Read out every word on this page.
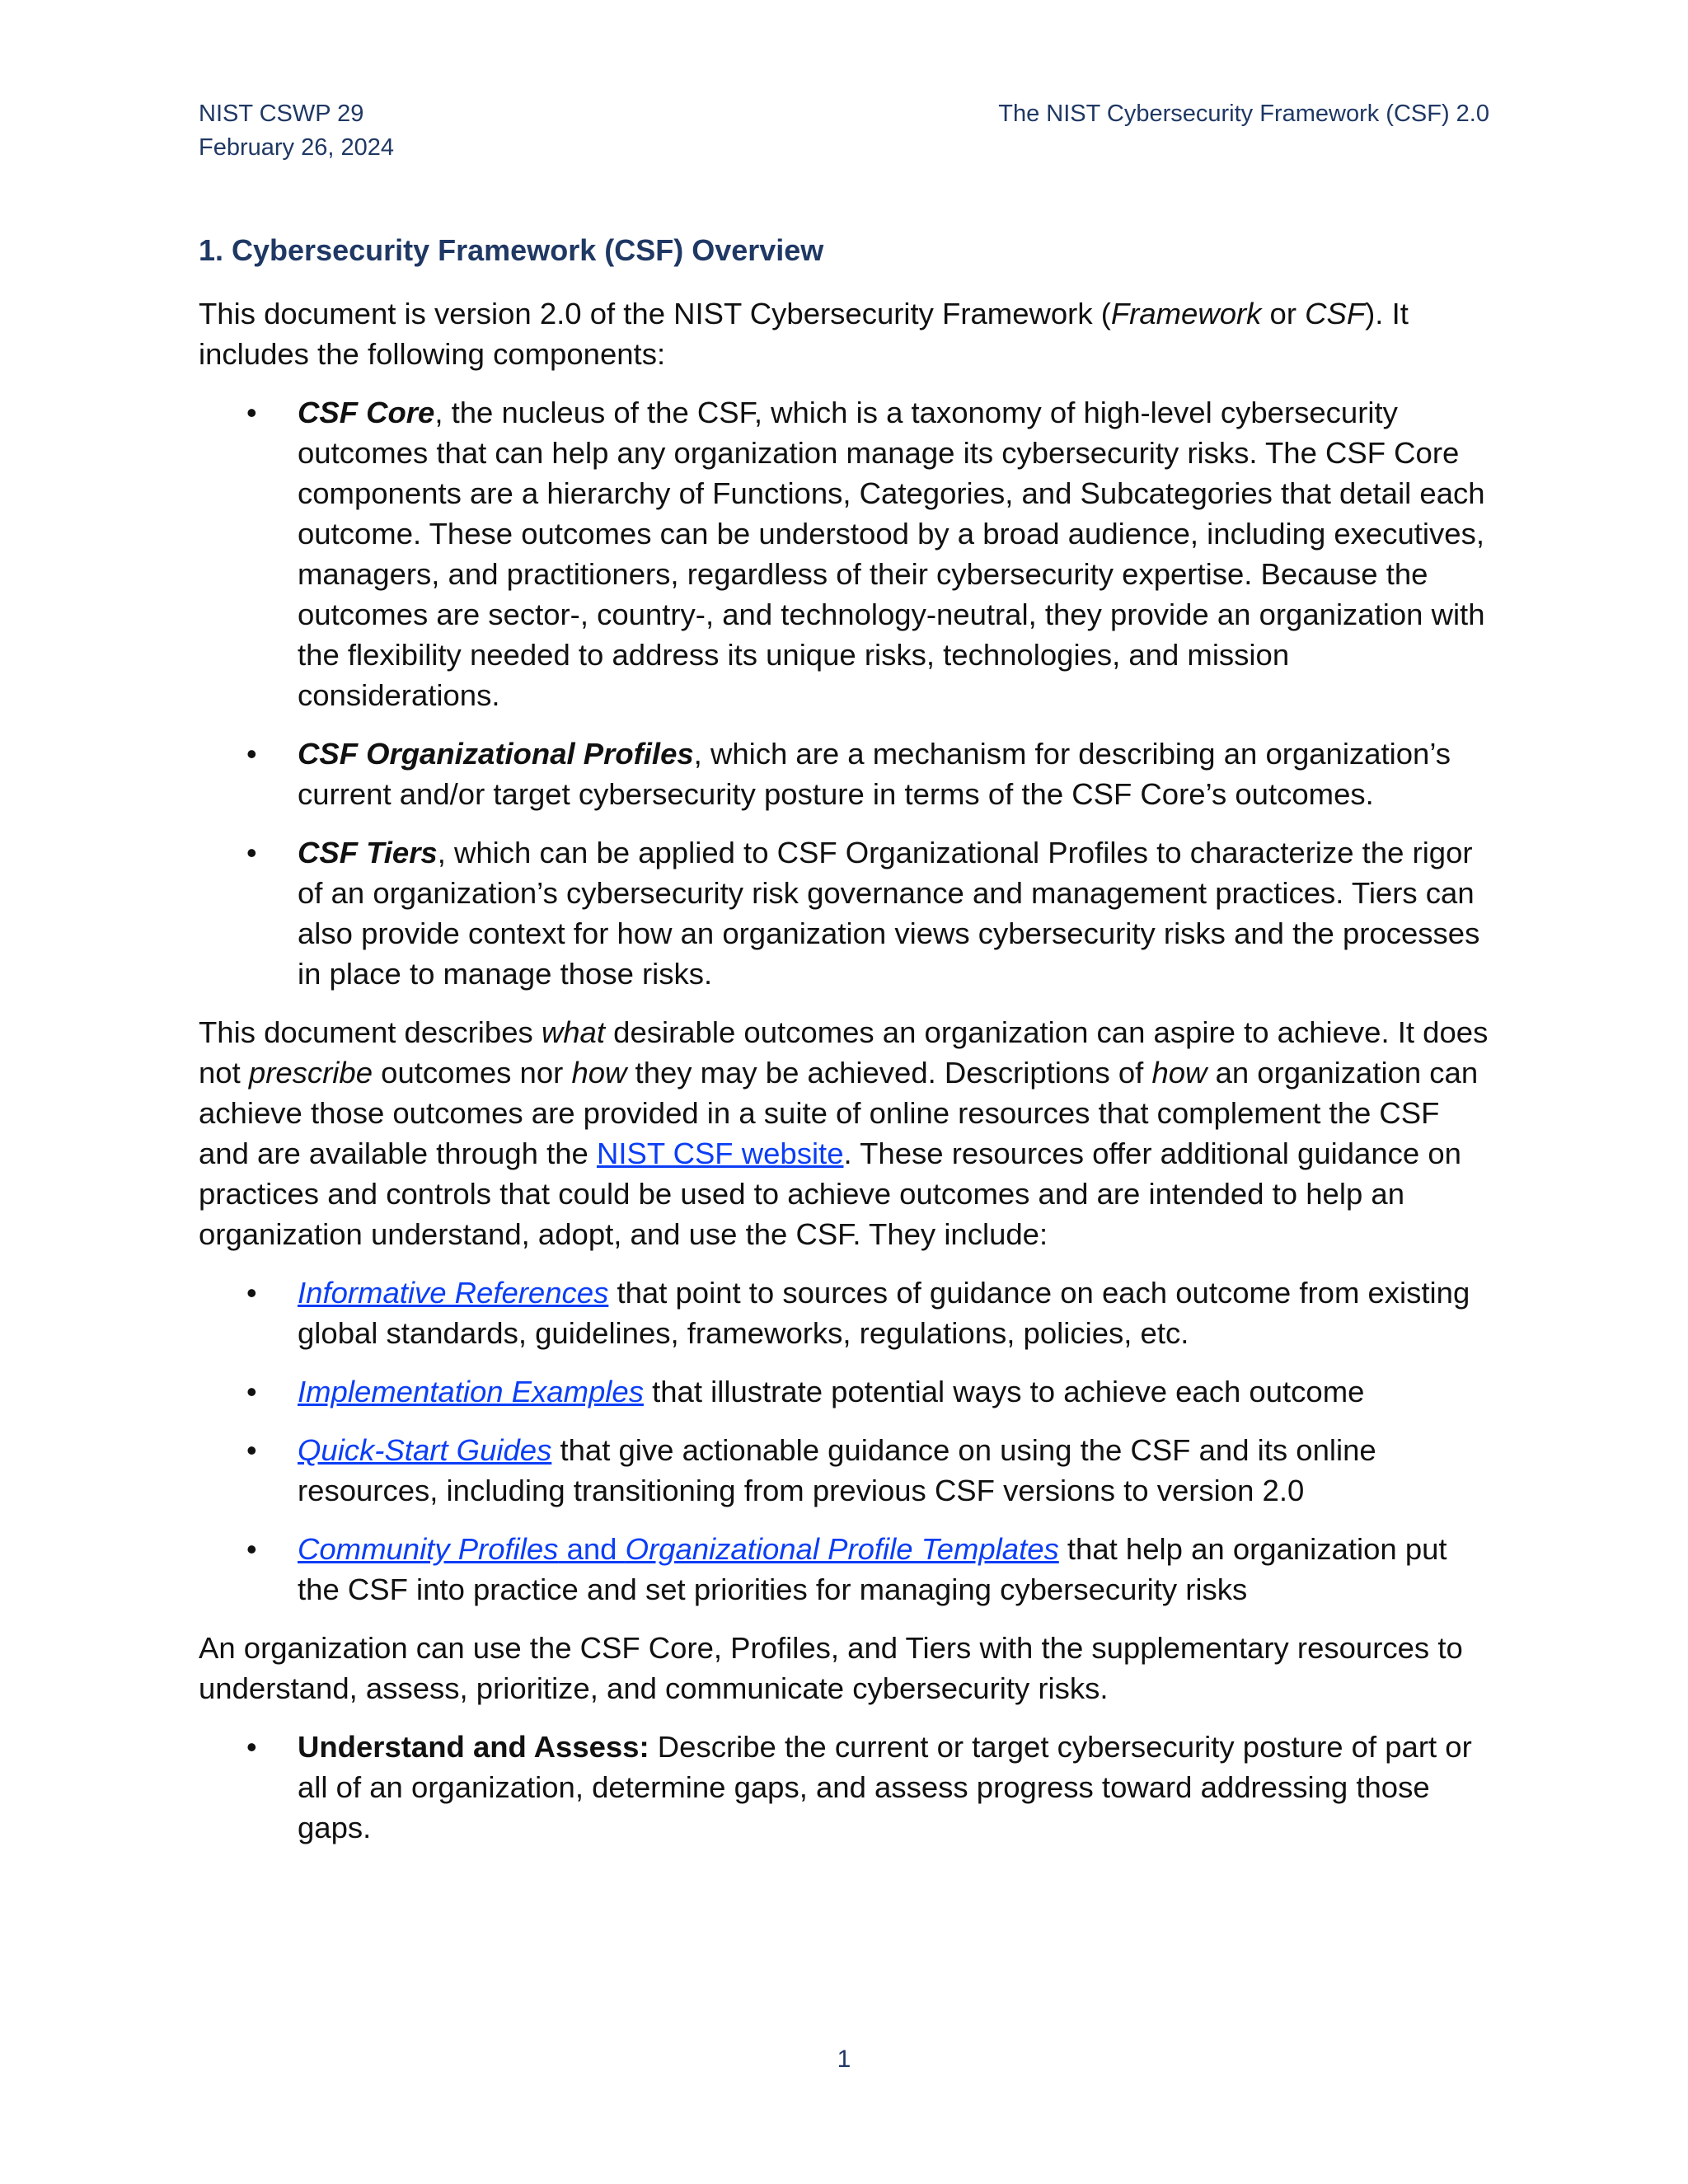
NIST CSWP 29
February 26, 2024
The NIST Cybersecurity Framework (CSF) 2.0
1. Cybersecurity Framework (CSF) Overview

This document is version 2.0 of the NIST Cybersecurity Framework (Framework or CSF). It includes the following components:

• CSF Core, the nucleus of the CSF, which is a taxonomy of high-level cybersecurity outcomes that can help any organization manage its cybersecurity risks. The CSF Core components are a hierarchy of Functions, Categories, and Subcategories that detail each outcome. These outcomes can be understood by a broad audience, including executives, managers, and practitioners, regardless of their cybersecurity expertise. Because the outcomes are sector-, country-, and technology-neutral, they provide an organization with the flexibility needed to address its unique risks, technologies, and mission considerations.
• CSF Organizational Profiles, which are a mechanism for describing an organization’s current and/or target cybersecurity posture in terms of the CSF Core’s outcomes.
• CSF Tiers, which can be applied to CSF Organizational Profiles to characterize the rigor of an organization’s cybersecurity risk governance and management practices. Tiers can also provide context for how an organization views cybersecurity risks and the processes in place to manage those risks.

This document describes what desirable outcomes an organization can aspire to achieve. It does not prescribe outcomes nor how they may be achieved. Descriptions of how an organization can achieve those outcomes are provided in a suite of online resources that complement the CSF and are available through the NIST CSF website. These resources offer additional guidance on practices and controls that could be used to achieve outcomes and are intended to help an organization understand, adopt, and use the CSF. They include:

• Informative References that point to sources of guidance on each outcome from existing global standards, guidelines, frameworks, regulations, policies, etc.
• Implementation Examples that illustrate potential ways to achieve each outcome
• Quick-Start Guides that give actionable guidance on using the CSF and its online resources, including transitioning from previous CSF versions to version 2.0
• Community Profiles and Organizational Profile Templates that help an organization put the CSF into practice and set priorities for managing cybersecurity risks

An organization can use the CSF Core, Profiles, and Tiers with the supplementary resources to understand, assess, prioritize, and communicate cybersecurity risks.

• Understand and Assess: Describe the current or target cybersecurity posture of part or all of an organization, determine gaps, and assess progress toward addressing those gaps.
1
